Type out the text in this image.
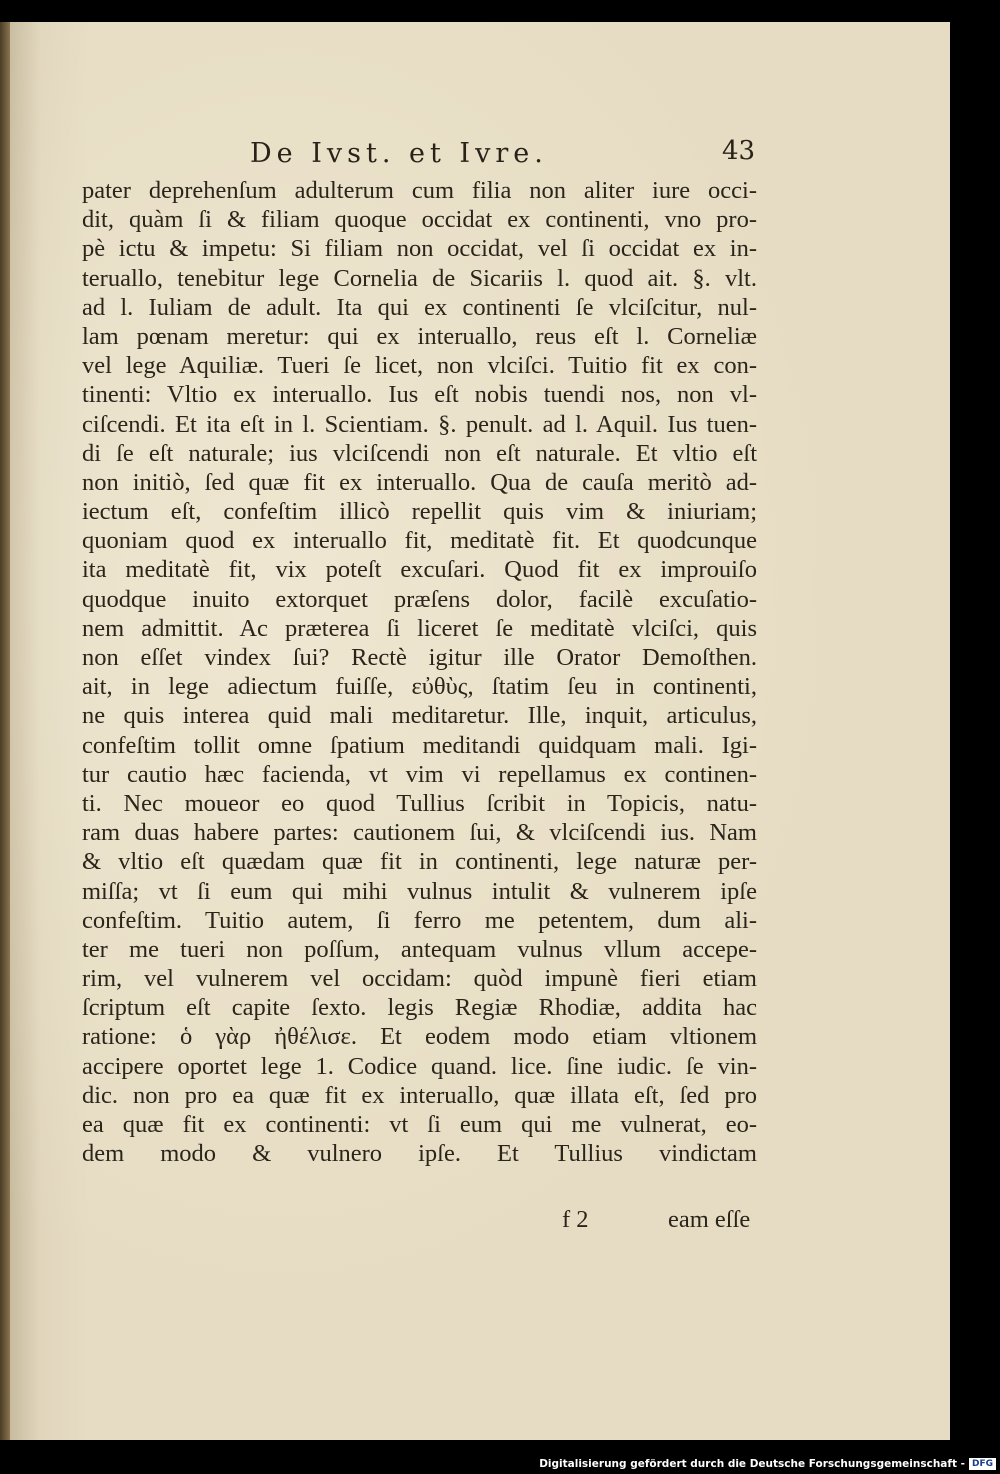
De Ivst. et Ivre.	43
pater deprehenſum adulterum cum filia non aliter iure occi-
dit, quàm ſi & filiam quoque occidat ex continenti, vno pro-
pè ictu & impetu: Si filiam non occidat, vel ſi occidat ex in-
teruallo, tenebitur lege Cornelia de Sicariis l. quod ait. §. vlt.
ad l. Iuliam de adult. Ita qui ex continenti ſe vlciſcitur, nul-
lam pœnam meretur: qui ex interuallo, reus eſt l. Corneliæ
vel lege Aquiliæ. Tueri ſe licet, non vlciſci. Tuitio fit ex con-
tinenti: Vltio ex interuallo. Ius eſt nobis tuendi nos, non vl-
ciſcendi. Et ita eſt in l. Scientiam. §. penult. ad l. Aquil. Ius tuen-
di ſe eſt naturale; ius vlciſcendi non eſt naturale. Et vltio eſt
non initiò, ſed quæ fit ex interuallo. Qua de cauſa meritò ad-
iectum eſt, confeſtim illicò repellit quis vim & iniuriam;
quoniam quod ex interuallo fit, meditatè fit. Et quodcunque
ita meditatè fit, vix poteſt excuſari. Quod fit ex improuiſo
quodque inuito extorquet præſens dolor, facilè excuſatio-
nem admittit. Ac præterea ſi liceret ſe meditatè vlciſci, quis
non eſſet vindex ſui? Rectè igitur ille Orator Demoſthen.
ait, in lege adiectum fuiſſe, εὐθὺς, ſtatim ſeu in continenti,
ne quis interea quid mali meditaretur. Ille, inquit, articulus,
confeſtim tollit omne ſpatium meditandi quidquam mali. Igi-
tur cautio hæc facienda, vt vim vi repellamus ex continen-
ti. Nec moueor eo quod Tullius ſcribit in Topicis, natu-
ram duas habere partes: cautionem ſui, & vlciſcendi ius. Nam
& vltio eſt quædam quæ fit in continenti, lege naturæ per-
miſſa; vt ſi eum qui mihi vulnus intulit & vulnerem ipſe
confeſtim. Tuitio autem, ſi ferro me petentem, dum ali-
ter me tueri non poſſum, antequam vulnus vllum accepe-
rim, vel vulnerem vel occidam: quòd impunè fieri etiam
ſcriptum eſt capite ſexto. legis Regiæ Rhodiæ, addita hac
ratione: ὁ γὰρ ἠθέλισε. Et eodem modo etiam vltionem
accipere oportet lege 1. Codice quand. lice. ſine iudic. ſe vin-
dic. non pro ea quæ fit ex interuallo, quæ illata eſt, ſed pro
ea quæ fit ex continenti: vt ſi eum qui me vulnerat, eo-
dem modo & vulnero ipſe. Et Tullius vindictam
f 2	eam eſſe
Digitalisierung gefördert durch die Deutsche Forschungsgemeinschaft - DFG
